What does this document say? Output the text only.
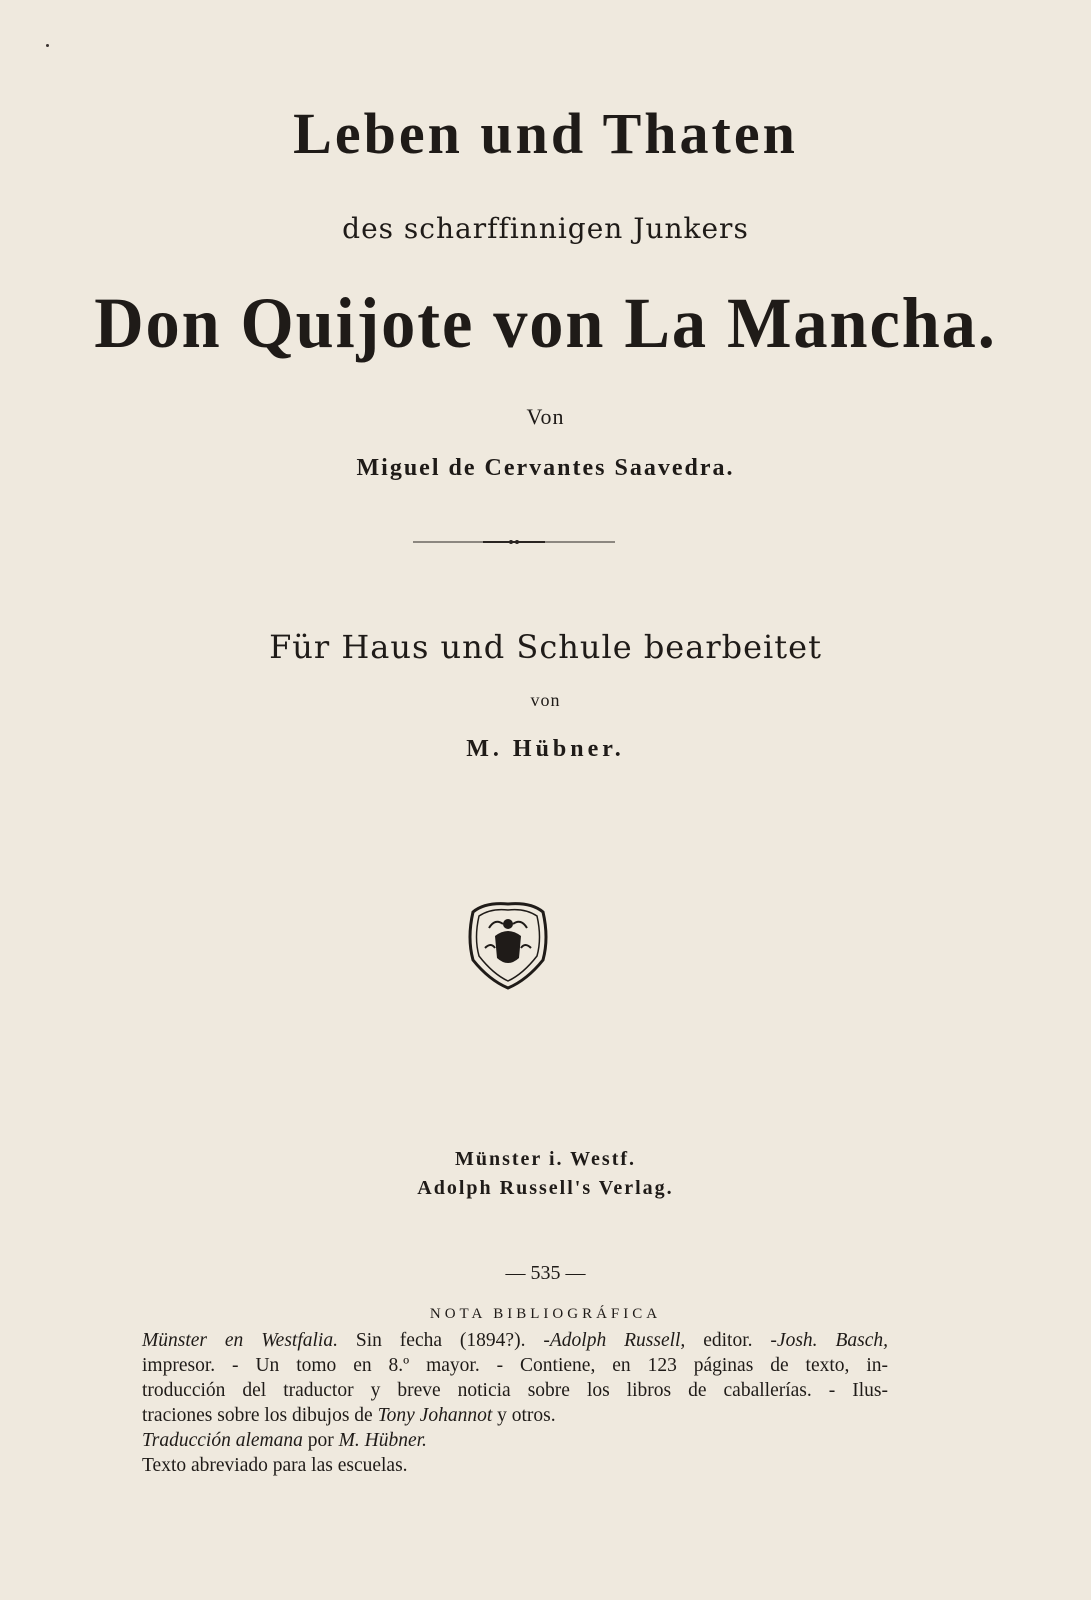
Leben und Thaten
des scharffinnigen Junkers
Don Quijote von La Mancha.
Von
Miguel de Cervantes Saavedra.
Für Haus und Schule bearbeitet
von
M. Hübner.
Münster i. Westf.
Adolph Russell's Verlag.
— 535 —
NOTA BIBLIOGRÁFICA
Münster en Westfalia. Sin fecha (1894?). -Adolph Russell, editor. -Josh. Basch,
impresor. - Un tomo en 8.º mayor. - Contiene, en 123 páginas de texto, in-
troducción del traductor y breve noticia sobre los libros de caballerías. - Ilus-
traciones sobre los dibujos de Tony Johannot y otros.
Traducción alemana por M. Hübner.
Texto abreviado para las escuelas.
